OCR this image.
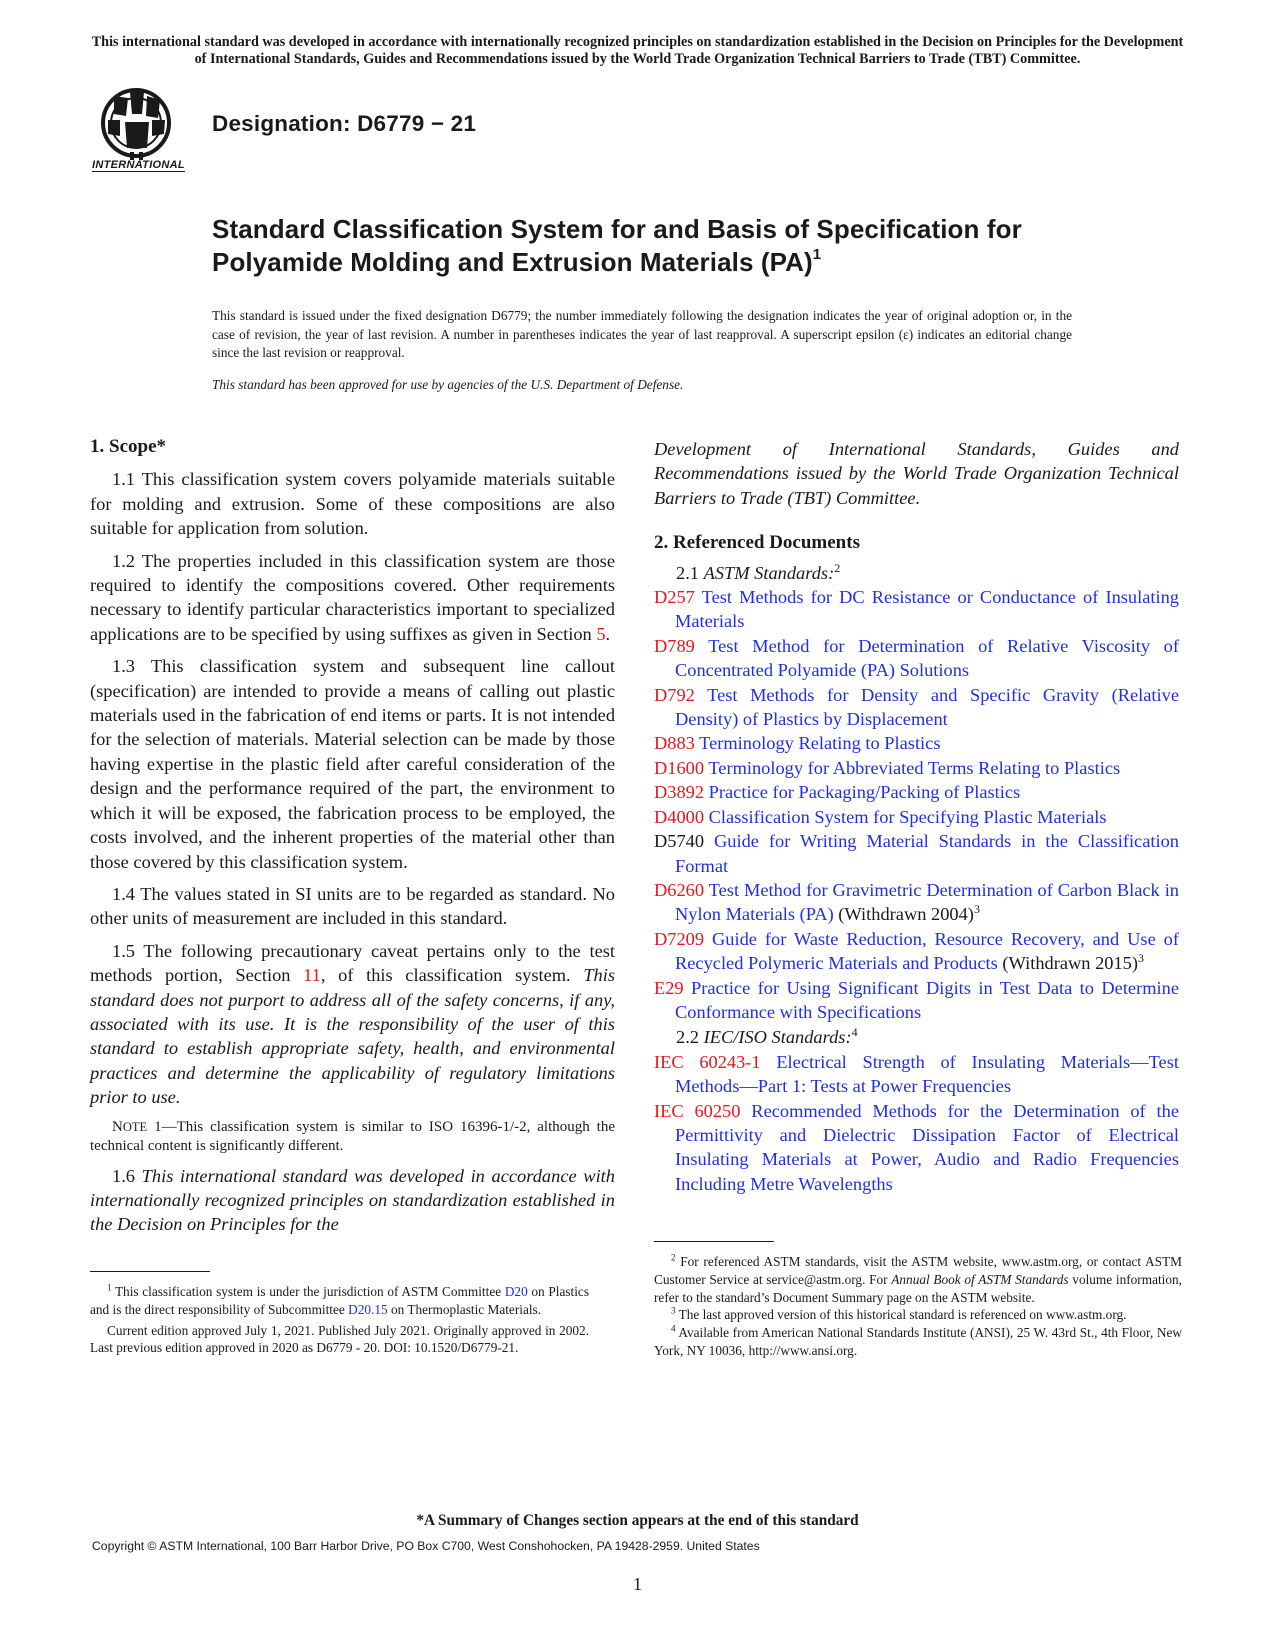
This international standard was developed in accordance with internationally recognized principles on standardization established in the Decision on Principles for the Development of International Standards, Guides and Recommendations issued by the World Trade Organization Technical Barriers to Trade (TBT) Committee.
INTERNATIONAL
Designation: D6779 − 21
Standard Classification System for and Basis of Specification for
Polyamide Molding and Extrusion Materials (PA)$^1$
This standard is issued under the fixed designation D6779; the number immediately following the designation indicates the year of original adoption or, in the case of revision, the year of last revision. A number in parentheses indicates the year of last reapproval. A superscript epsilon (ε) indicates an editorial change since the last revision or reapproval.
This standard has been approved for use by agencies of the U.S. Department of Defense.
1. Scope*

1.1 This classification system covers polyamide materials suitable for molding and extrusion. Some of these compositions are also suitable for application from solution.

1.2 The properties included in this classification system are those required to identify the compositions covered. Other requirements necessary to identify particular characteristics important to specialized applications are to be specified by using suffixes as given in Section 5.

1.3 This classification system and subsequent line callout (specification) are intended to provide a means of calling out plastic materials used in the fabrication of end items or parts. It is not intended for the selection of materials. Material selection can be made by those having expertise in the plastic field after careful consideration of the design and the performance required of the part, the environment to which it will be exposed, the fabrication process to be employed, the costs involved, and the inherent properties of the material other than those covered by this classification system.

1.4 The values stated in SI units are to be regarded as standard. No other units of measurement are included in this standard.

1.5 The following precautionary caveat pertains only to the test methods portion, Section 11, of this classification system. This standard does not purport to address all of the safety concerns, if any, associated with its use. It is the responsibility of the user of this standard to establish appropriate safety, health, and environmental practices and determine the applicability of regulatory limitations prior to use.

NOTE 1—This classification system is similar to ISO 16396-1/-2, although the technical content is significantly different.

1.6 This international standard was developed in accordance with internationally recognized principles on standardization established in the Decision on Principles for the

$^1$ This classification system is under the jurisdiction of ASTM Committee D20 on Plastics and is the direct responsibility of Subcommittee D20.15 on Thermoplastic Materials.

Current edition approved July 1, 2021. Published July 2021. Originally approved in 2002. Last previous edition approved in 2020 as D6779 - 20. DOI: 10.1520/D6779-21.

Development of International Standards, Guides and Recommendations issued by the World Trade Organization Technical Barriers to Trade (TBT) Committee.
2. Referenced Documents
2.1 ASTM Standards:$^2$
D257 Test Methods for DC Resistance or Conductance of Insulating Materials
D789 Test Method for Determination of Relative Viscosity of Concentrated Polyamide (PA) Solutions
D792 Test Methods for Density and Specific Gravity (Relative Density) of Plastics by Displacement
D883 Terminology Relating to Plastics
D1600 Terminology for Abbreviated Terms Relating to Plastics
D3892 Practice for Packaging/Packing of Plastics
D4000 Classification System for Specifying Plastic Materials
D5740 Guide for Writing Material Standards in the Classification Format
D6260 Test Method for Gravimetric Determination of Carbon Black in Nylon Materials (PA) (Withdrawn 2004)$^3$
D7209 Guide for Waste Reduction, Resource Recovery, and Use of Recycled Polymeric Materials and Products (Withdrawn 2015)$^3$
E29 Practice for Using Significant Digits in Test Data to Determine Conformance with Specifications
2.2 IEC/ISO Standards:$^4$
IEC 60243-1 Electrical Strength of Insulating Materials—Test Methods—Part 1: Tests at Power Frequencies
IEC 60250 Recommended Methods for the Determination of the Permittivity and Dielectric Dissipation Factor of Electrical Insulating Materials at Power, Audio and Radio Frequencies Including Metre Wavelengths

$^2$ For referenced ASTM standards, visit the ASTM website, www.astm.org, or contact ASTM Customer Service at service@astm.org. For Annual Book of ASTM Standards volume information, refer to the standard’s Document Summary page on the ASTM website.

$^3$ The last approved version of this historical standard is referenced on www.astm.org.

$^4$ Available from American National Standards Institute (ANSI), 25 W. 43rd St., 4th Floor, New York, NY 10036, http://www.ansi.org.

*A Summary of Changes section appears at the end of this standard
Copyright © ASTM International, 100 Barr Harbor Drive, PO Box C700, West Conshohocken, PA 19428-2959. United States
1
